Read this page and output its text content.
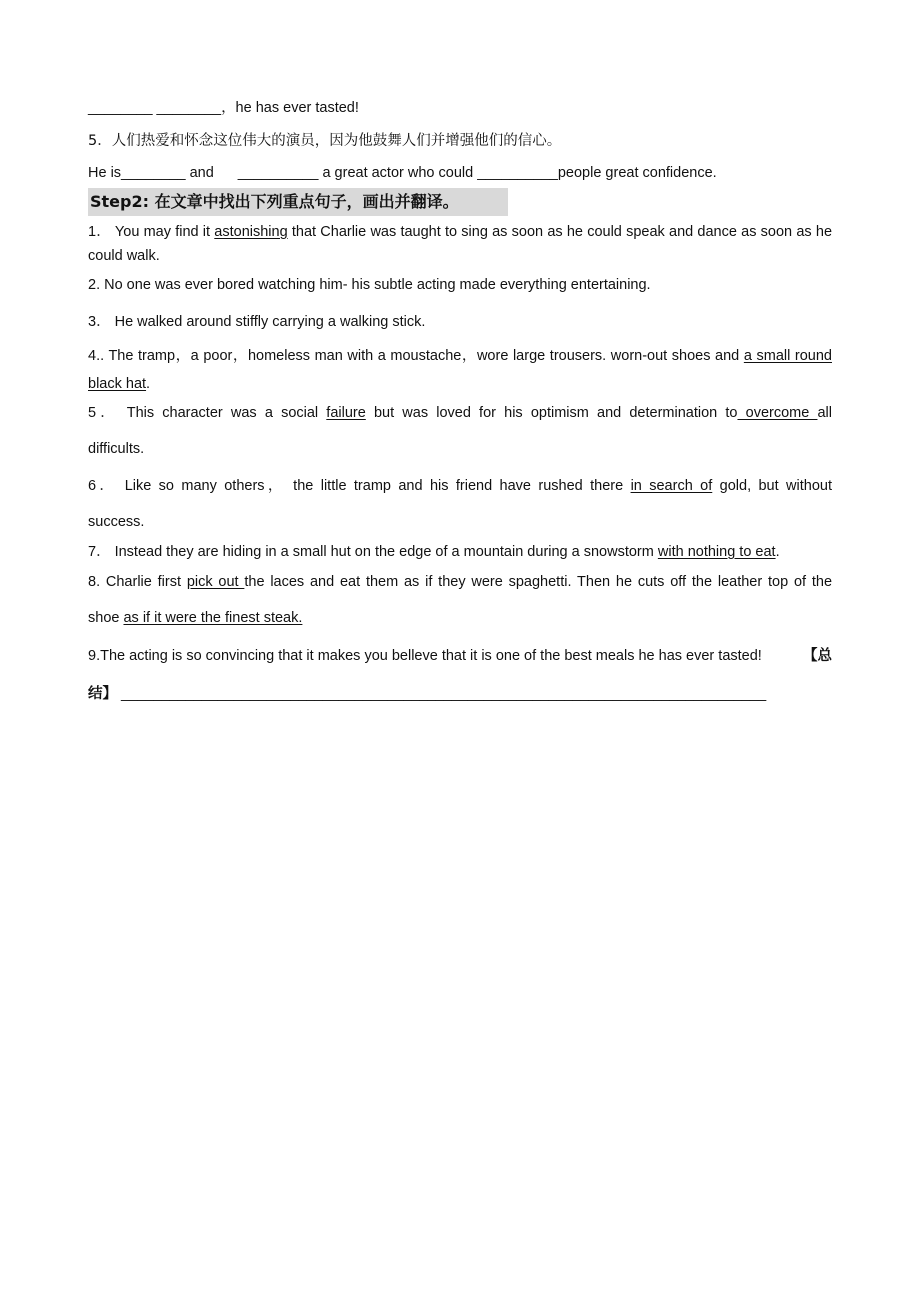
________ ________，he has ever tasted!
5．人们热爱和怀念这位伟大的演员，因为他鼓舞人们并增强他们的信心。
He is________ and __________ a great actor who could __________people great confidence.
Step2: 在文章中找出下列重点句子，画出并翻译。
1． You may find it astonishing that Charlie was taught to sing as soon as he could speak and dance as soon as he
could walk.
2. No one was ever bored watching him- his subtle acting made everything entertaining.
3． He walked around stiffly carrying a walking stick.
4.. The tramp，a poor，homeless man with a moustache，wore large trousers. worn-out shoes and a small round
black hat.
5． This character was a social failure but was loved for his optimism and determination to overcome all
difficults.
6． Like so many others， the little tramp and his friend have rushed there in search of gold, but without
success.
7． Instead they are hiding in a small hut on the edge of a mountain during a snowstorm with nothing to eat.
8. Charlie first pick out the laces and eat them as if they were spaghetti. Then he cuts off the leather top of the
shoe as if it were the finest steak.
9.The acting is so convincing that it makes you belleve that it is one of the best meals he has ever tasted!	【总
结】 ________________________________________________________________________________
